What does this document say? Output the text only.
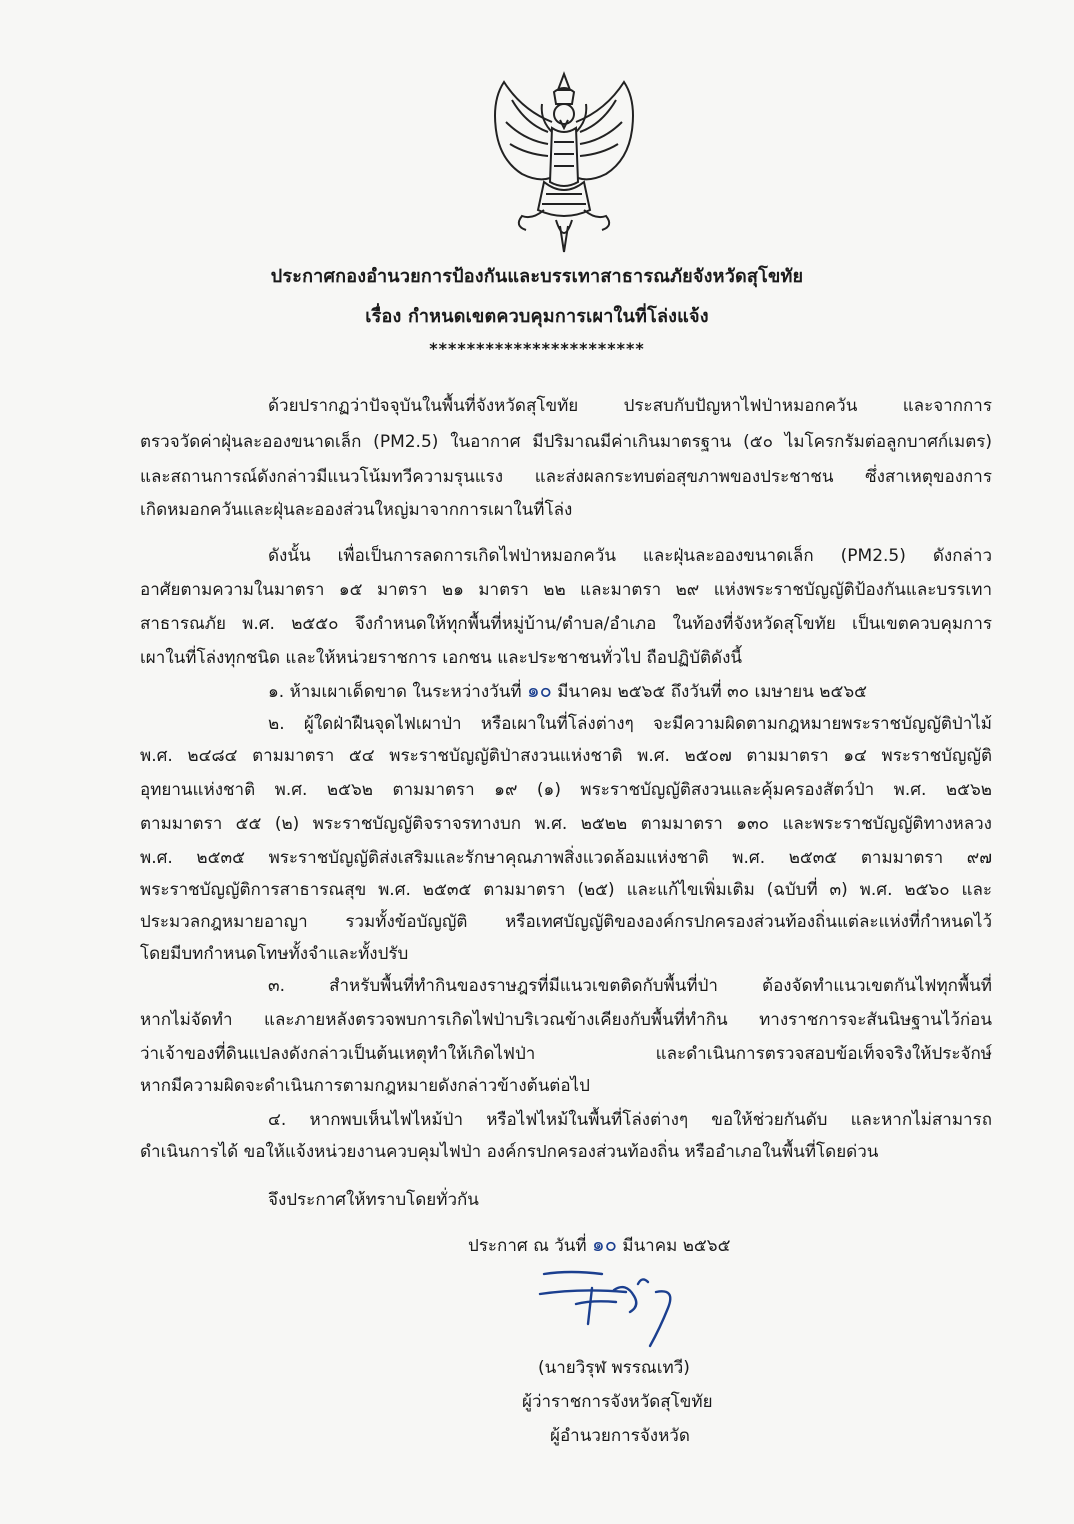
ประกาศกองอำนวยการป้องกันและบรรเทาสาธารณภัยจังหวัดสุโขทัย
เรื่อง กำหนดเขตควบคุมการเผาในที่โล่งแจ้ง
***********************
ด้วยปรากฏว่าปัจจุบันในพื้นที่จังหวัดสุโขทัย ประสบกับปัญหาไฟป่าหมอกควัน และจากการ
ตรวจวัดค่าฝุ่นละอองขนาดเล็ก (PM2.5) ในอากาศ มีปริมาณมีค่าเกินมาตรฐาน (๕๐ ไมโครกรัมต่อลูกบาศก์เมตร)
และสถานการณ์ดังกล่าวมีแนวโน้มทวีความรุนแรง และส่งผลกระทบต่อสุขภาพของประชาชน ซึ่งสาเหตุของการ
เกิดหมอกควันและฝุ่นละอองส่วนใหญ่มาจากการเผาในที่โล่ง
ดังนั้น เพื่อเป็นการลดการเกิดไฟป่าหมอกควัน และฝุ่นละอองขนาดเล็ก (PM2.5) ดังกล่าว
อาศัยตามความในมาตรา ๑๕ มาตรา ๒๑ มาตรา ๒๒ และมาตรา ๒๙ แห่งพระราชบัญญัติป้องกันและบรรเทา
สาธารณภัย พ.ศ. ๒๕๕๐ จึงกำหนดให้ทุกพื้นที่หมู่บ้าน/ตำบล/อำเภอ ในท้องที่จังหวัดสุโขทัย เป็นเขตควบคุมการ
เผาในที่โล่งทุกชนิด และให้หน่วยราชการ เอกชน และประชาชนทั่วไป ถือปฏิบัติดังนี้
๑. ห้ามเผาเด็ดขาด ในระหว่างวันที่ ๑๐ มีนาคม ๒๕๖๕ ถึงวันที่ ๓๐ เมษายน ๒๕๖๕
๒. ผู้ใดฝ่าฝืนจุดไฟเผาป่า หรือเผาในที่โล่งต่างๆ จะมีความผิดตามกฎหมายพระราชบัญญัติป่าไม้
พ.ศ. ๒๔๘๔ ตามมาตรา ๕๔ พระราชบัญญัติป่าสงวนแห่งชาติ พ.ศ. ๒๕๐๗ ตามมาตรา ๑๔ พระราชบัญญัติ
อุทยานแห่งชาติ พ.ศ. ๒๕๖๒ ตามมาตรา ๑๙ (๑) พระราชบัญญัติสงวนและคุ้มครองสัตว์ป่า พ.ศ. ๒๕๖๒
ตามมาตรา ๕๕ (๒) พระราชบัญญัติจราจรทางบก พ.ศ. ๒๕๒๒ ตามมาตรา ๑๓๐ และพระราชบัญญัติทางหลวง
พ.ศ. ๒๕๓๕ พระราชบัญญัติส่งเสริมและรักษาคุณภาพสิ่งแวดล้อมแห่งชาติ พ.ศ. ๒๕๓๕ ตามมาตรา ๙๗
พระราชบัญญัติการสาธารณสุข พ.ศ. ๒๕๓๕ ตามมาตรา (๒๕) และแก้ไขเพิ่มเติม (ฉบับที่ ๓) พ.ศ. ๒๕๖๐ และ
ประมวลกฎหมายอาญา รวมทั้งข้อบัญญัติ หรือเทศบัญญัติขององค์กรปกครองส่วนท้องถิ่นแต่ละแห่งที่กำหนดไว้
โดยมีบทกำหนดโทษทั้งจำและทั้งปรับ
๓. สำหรับพื้นที่ทำกินของราษฎรที่มีแนวเขตติดกับพื้นที่ป่า ต้องจัดทำแนวเขตกันไฟทุกพื้นที่
หากไม่จัดทำ และภายหลังตรวจพบการเกิดไฟป่าบริเวณข้างเคียงกับพื้นที่ทำกิน ทางราชการจะสันนิษฐานไว้ก่อน
ว่าเจ้าของที่ดินแปลงดังกล่าวเป็นต้นเหตุทำให้เกิดไฟป่า และดำเนินการตรวจสอบข้อเท็จจริงให้ประจักษ์
หากมีความผิดจะดำเนินการตามกฎหมายดังกล่าวข้างต้นต่อไป
๔. หากพบเห็นไฟไหม้ป่า หรือไฟไหม้ในพื้นที่โล่งต่างๆ ขอให้ช่วยกันดับ และหากไม่สามารถ
ดำเนินการได้ ขอให้แจ้งหน่วยงานควบคุมไฟป่า องค์กรปกครองส่วนท้องถิ่น หรืออำเภอในพื้นที่โดยด่วน
จึงประกาศให้ทราบโดยทั่วกัน
ประกาศ ณ วันที่ ๑๐ มีนาคม ๒๕๖๕
(นายวิรุฬ พรรณเทวี)
ผู้ว่าราชการจังหวัดสุโขทัย
ผู้อำนวยการจังหวัด
